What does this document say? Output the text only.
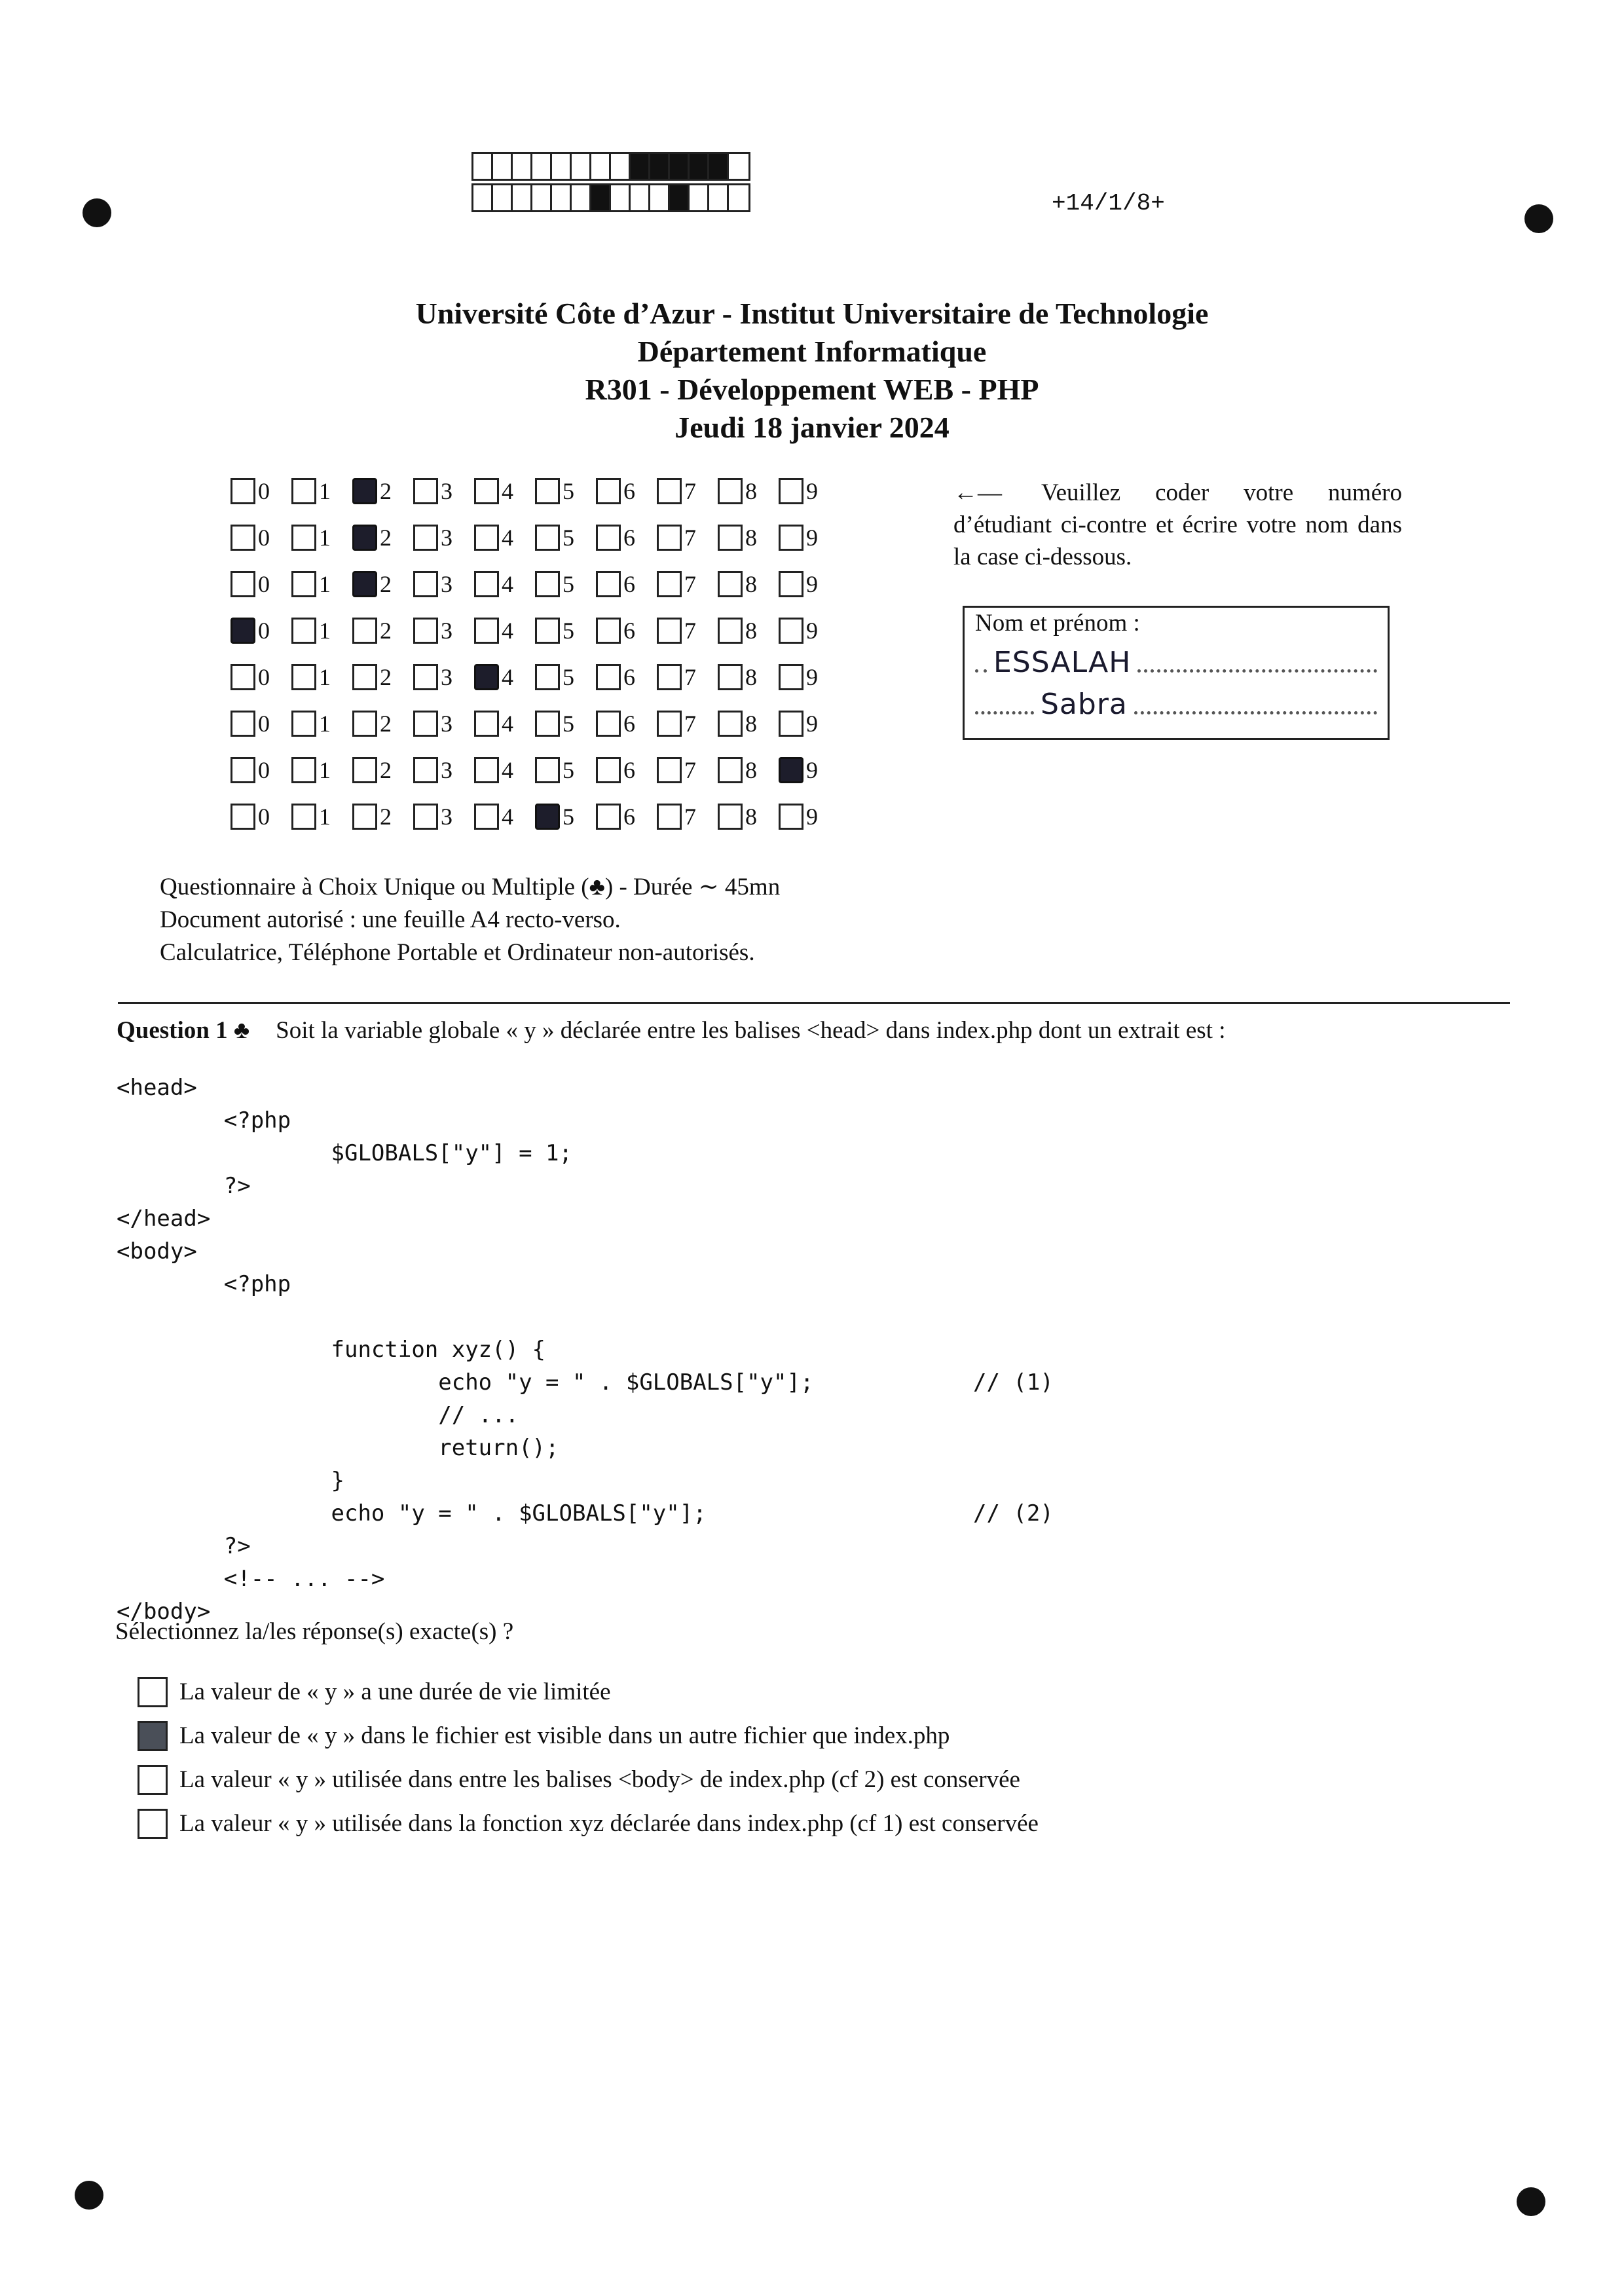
+14/1/8+
Université Côte d’Azur - Institut Universitaire de Technologie
Département Informatique
R301 - Développement WEB - PHP
Jeudi 18 janvier 2024
0 1 2 3 4 5 6 7 8 9
0 1 2 3 4 5 6 7 8 9
0 1 2 3 4 5 6 7 8 9
0 1 2 3 4 5 6 7 8 9
0 1 2 3 4 5 6 7 8 9
0 1 2 3 4 5 6 7 8 9
0 1 2 3 4 5 6 7 8 9
0 1 2 3 4 5 6 7 8 9
←— Veuillez coder votre numéro d’étudiant ci-contre et écrire votre nom dans la case ci-dessous.
Nom et prénom :
ESSALAH
Sabra
Questionnaire à Choix Unique ou Multiple (♣) - Durée ∼ 45mn
Document autorisé : une feuille A4 recto-verso.
Calculatrice, Téléphone Portable et Ordinateur non-autorisés.
Question 1 ♣ Soit la variable globale « y » déclarée entre les balises <head> dans index.php dont un extrait est :
<head>
<?php
$GLOBALS["y"] = 1;
?>
</head>
<body>
<?php
function xyz() {
echo "y = " . $GLOBALS["y"];	// (1)
// ...
return();
}
echo "y = " . $GLOBALS["y"];	// (2)
?>
<!-- ... -->
</body>
Sélectionnez la/les réponse(s) exacte(s) ?
La valeur de « y » a une durée de vie limitée
La valeur de « y » dans le fichier est visible dans un autre fichier que index.php
La valeur « y » utilisée dans entre les balises <body> de index.php (cf 2) est conservée
La valeur « y » utilisée dans la fonction xyz déclarée dans index.php (cf 1) est conservée
